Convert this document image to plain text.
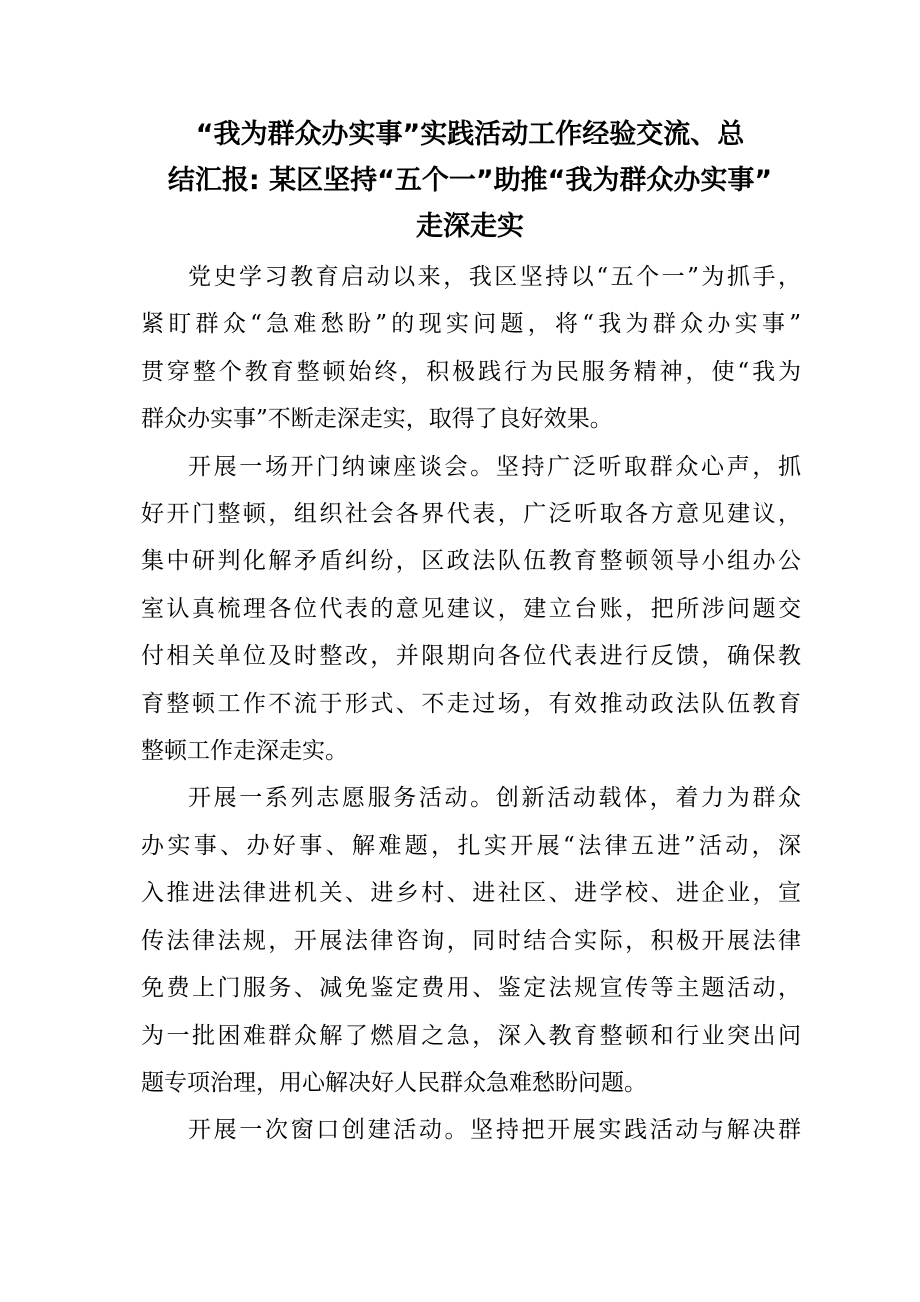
“我为群众办实事”实践活动工作经验交流、总
结汇报: 某区坚持“五个一”助推“我为群众办实事”
走深走实

党史学习教育启动以来，我区坚持以“五个一”为抓手，
紧盯群众“急难愁盼”的现实问题，将“我为群众办实事”
贯穿整个教育整顿始终，积极践行为民服务精神，使“我为
群众办实事”不断走深走实，取得了良好效果。

开展一场开门纳谏座谈会。坚持广泛听取群众心声，抓
好开门整顿，组织社会各界代表，广泛听取各方意见建议，
集中研判化解矛盾纠纷，区政法队伍教育整顿领导小组办公
室认真梳理各位代表的意见建议，建立台账，把所涉问题交
付相关单位及时整改，并限期向各位代表进行反馈，确保教
育整顿工作不流于形式、不走过场，有效推动政法队伍教育
整顿工作走深走实。

开展一系列志愿服务活动。创新活动载体，着力为群众
办实事、办好事、解难题，扎实开展“法律五进”活动，深
入推进法律进机关、进乡村、进社区、进学校、进企业，宣
传法律法规，开展法律咨询，同时结合实际，积极开展法律
免费上门服务、减免鉴定费用、鉴定法规宣传等主题活动，
为一批困难群众解了燃眉之急，深入教育整顿和行业突出问
题专项治理，用心解决好人民群众急难愁盼问题。

开展一次窗口创建活动。坚持把开展实践活动与解决群
